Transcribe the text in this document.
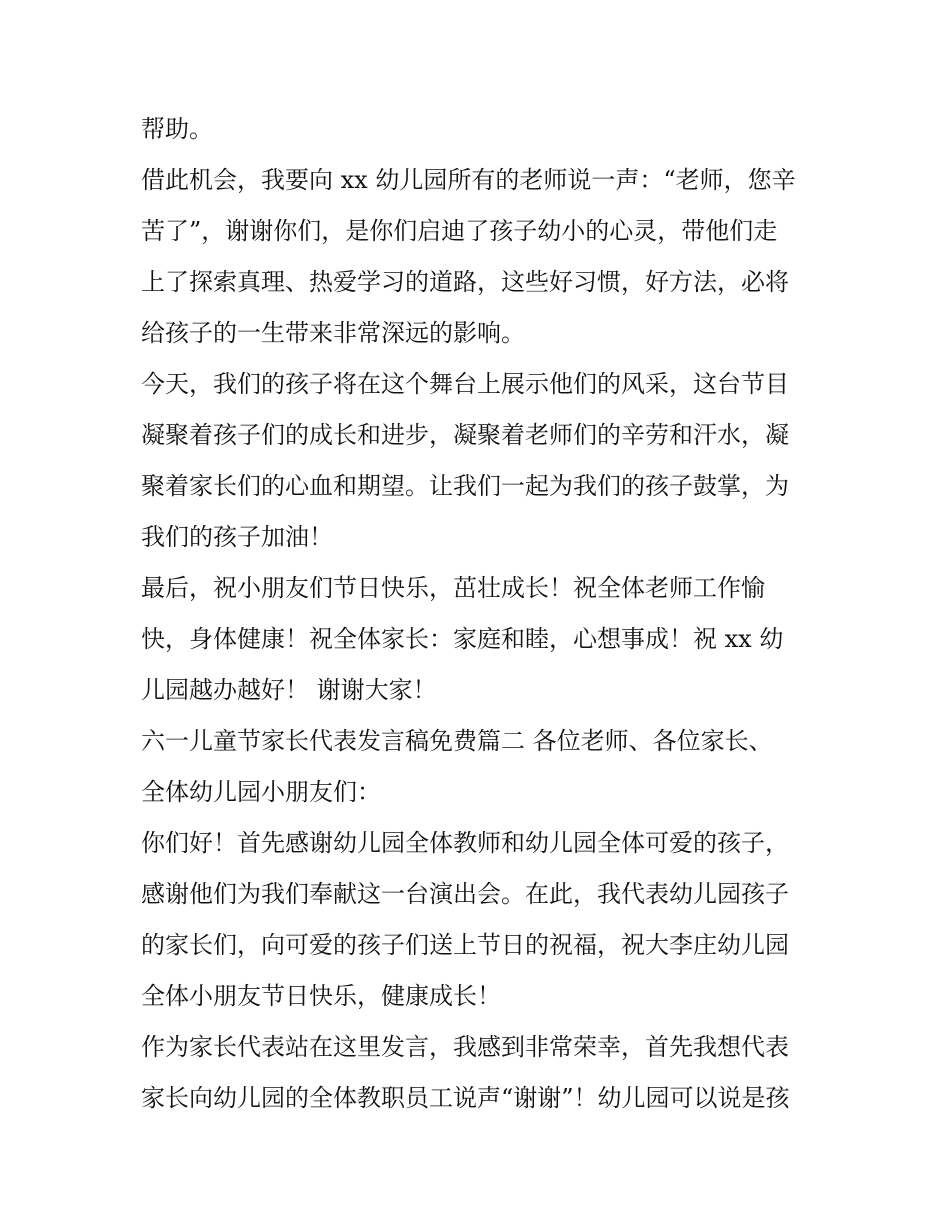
帮助。
借此机会，我要向 xx 幼儿园所有的老师说一声：“老师，您辛
苦了”，谢谢你们，是你们启迪了孩子幼小的心灵，带他们走
上了探索真理、热爱学习的道路，这些好习惯，好方法，必将
给孩子的一生带来非常深远的影响。
今天，我们的孩子将在这个舞台上展示他们的风采，这台节目
凝聚着孩子们的成长和进步，凝聚着老师们的辛劳和汗水，凝
聚着家长们的心血和期望。让我们一起为我们的孩子鼓掌，为
我们的孩子加油！
最后，祝小朋友们节日快乐，茁壮成长！祝全体老师工作愉
快，身体健康！祝全体家长：家庭和睦，心想事成！祝 xx 幼
儿园越办越好！ 谢谢大家！
六一儿童节家长代表发言稿免费篇二 各位老师、各位家长、
全体幼儿园小朋友们：
你们好！首先感谢幼儿园全体教师和幼儿园全体可爱的孩子，
感谢他们为我们奉献这一台演出会。在此，我代表幼儿园孩子
的家长们，向可爱的孩子们送上节日的祝福，祝大李庄幼儿园
全体小朋友节日快乐，健康成长！
作为家长代表站在这里发言，我感到非常荣幸，首先我想代表
家长向幼儿园的全体教职员工说声“谢谢”！幼儿园可以说是孩
